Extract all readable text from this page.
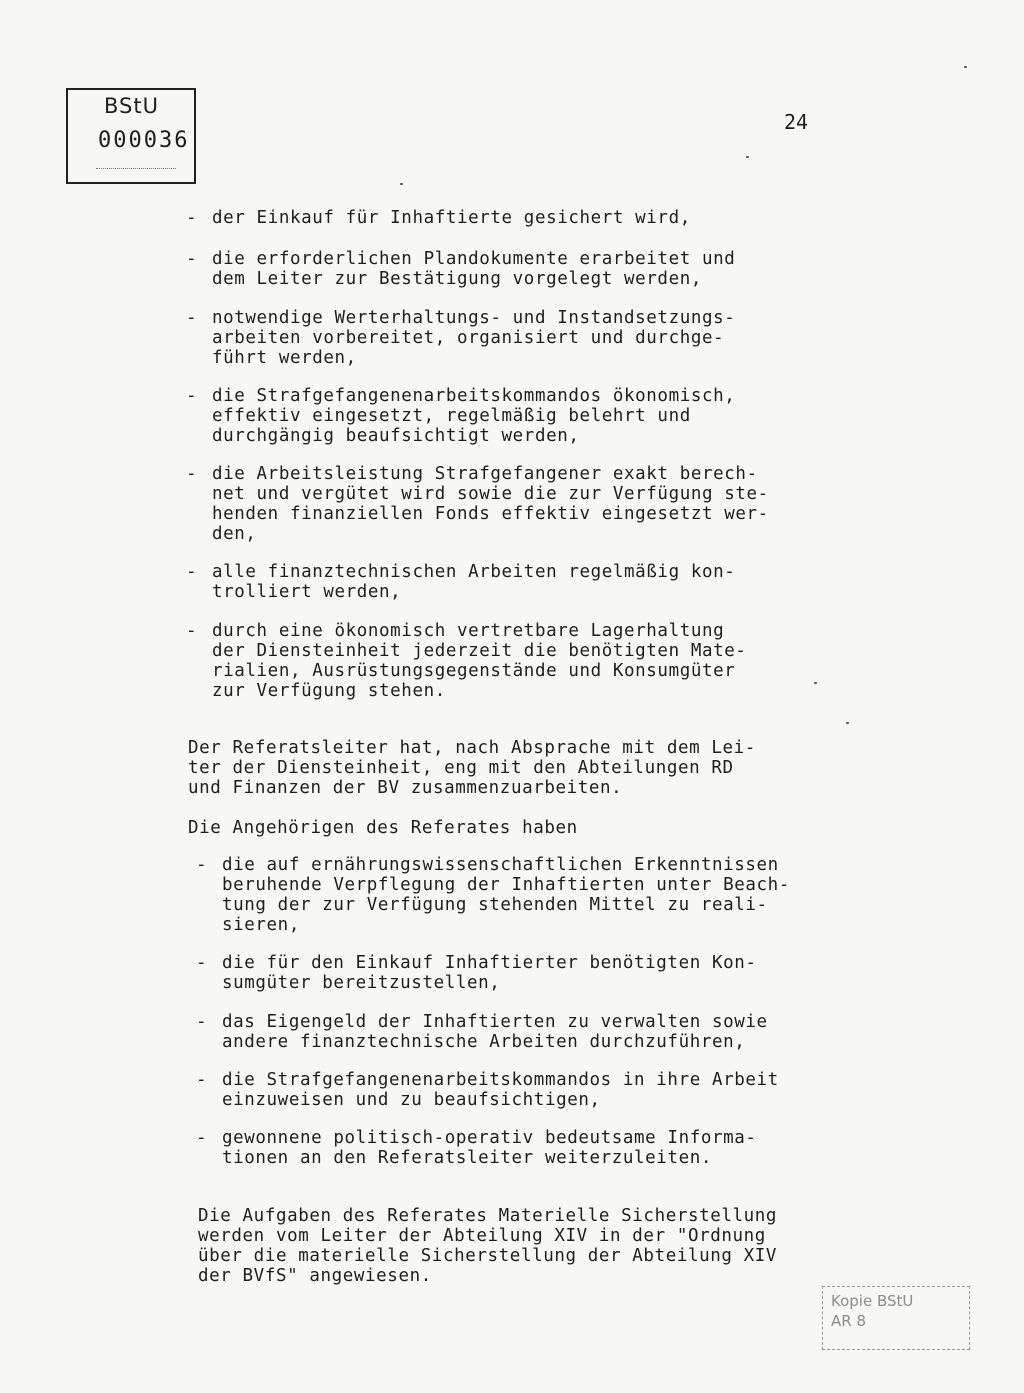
BStU
000036
24
- der Einkauf für Inhaftierte gesichert wird,
- die erforderlichen Plandokumente erarbeitet und
dem Leiter zur Bestätigung vorgelegt werden,
- notwendige Werterhaltungs- und Instandsetzungs-
arbeiten vorbereitet, organisiert und durchge-
führt werden,
- die Strafgefangenenarbeitskommandos ökonomisch,
effektiv eingesetzt, regelmäßig belehrt und
durchgängig beaufsichtigt werden,
- die Arbeitsleistung Strafgefangener exakt berech-
net und vergütet wird sowie die zur Verfügung ste-
henden finanziellen Fonds effektiv eingesetzt wer-
den,
- alle finanztechnischen Arbeiten regelmäßig kon-
trolliert werden,
- durch eine ökonomisch vertretbare Lagerhaltung
der Diensteinheit jederzeit die benötigten Mate-
rialien, Ausrüstungsgegenstände und Konsumgüter
zur Verfügung stehen.
Der Referatsleiter hat, nach Absprache mit dem Lei-
ter der Diensteinheit, eng mit den Abteilungen RD
und Finanzen der BV zusammenzuarbeiten.
Die Angehörigen des Referates haben
- die auf ernährungswissenschaftlichen Erkenntnissen
beruhende Verpflegung der Inhaftierten unter Beach-
tung der zur Verfügung stehenden Mittel zu reali-
sieren,
- die für den Einkauf Inhaftierter benötigten Kon-
sumgüter bereitzustellen,
- das Eigengeld der Inhaftierten zu verwalten sowie
andere finanztechnische Arbeiten durchzuführen,
- die Strafgefangenenarbeitskommandos in ihre Arbeit
einzuweisen und zu beaufsichtigen,
- gewonnene politisch-operativ bedeutsame Informa-
tionen an den Referatsleiter weiterzuleiten.
Die Aufgaben des Referates Materielle Sicherstellung
werden vom Leiter der Abteilung XIV in der "Ordnung
über die materielle Sicherstellung der Abteilung XIV
der BVfS" angewiesen.
Kopie BStU
AR 8
